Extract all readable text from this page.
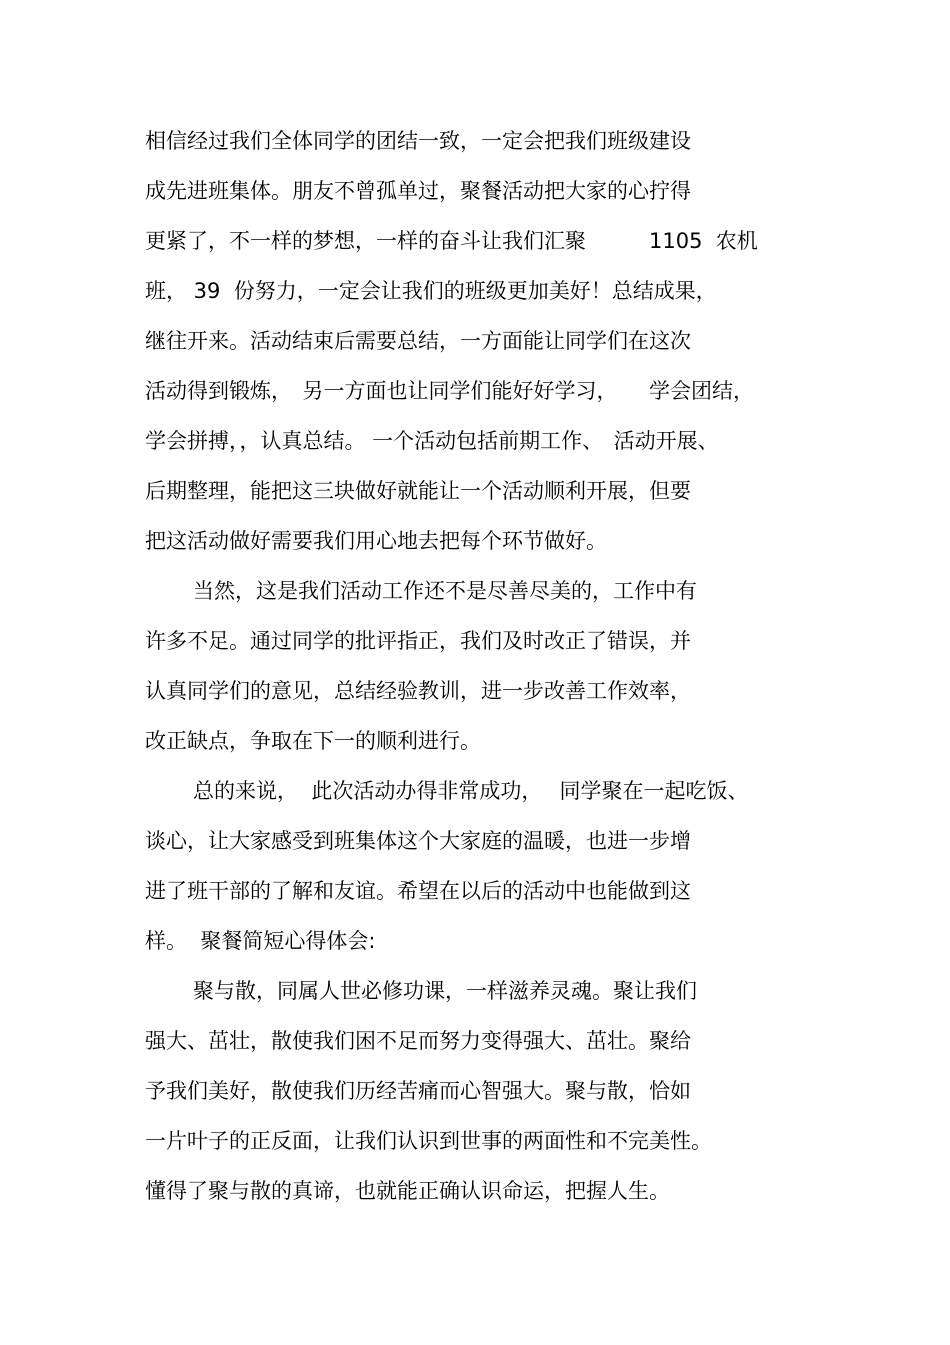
相信经过我们全体同学的团结一致，一定会把我们班级建设

成先进班集体。朋友不曾孤单过，聚餐活动把大家的心拧得

更紧了，不一样的梦想，一样的奋斗让我们汇聚　　　1105  农机

班， 39  份努力，一定会让我们的班级更加美好！总结成果，

继往开来。活动结束后需要总结，一方面能让同学们在这次

活动得到锻炼，　另一方面也让同学们能好好学习，　　学会团结，

学会拼搏，，认真总结。 一个活动包括前期工作、　活动开展、

后期整理，能把这三块做好就能让一个活动顺利开展，但要

把这活动做好需要我们用心地去把每个环节做好。

当然，这是我们活动工作还不是尽善尽美的，工作中有

许多不足。通过同学的批评指正，我们及时改正了错误，并

认真同学们的意见，总结经验教训，进一步改善工作效率，

改正缺点，争取在下一的顺利进行。

总的来说，  此次活动办得非常成功，　 同学聚在一起吃饭、

谈心，让大家感受到班集体这个大家庭的温暖，也进一步增

进了班干部的了解和友谊。希望在以后的活动中也能做到这

样。  聚餐简短心得体会:

聚与散，同属人世必修功课，一样滋养灵魂。聚让我们

强大、茁壮，散使我们困不足而努力变得强大、茁壮。聚给

予我们美好，散使我们历经苦痛而心智强大。聚与散，恰如

一片叶子的正反面，让我们认识到世事的两面性和不完美性。

懂得了聚与散的真谛，也就能正确认识命运，把握人生。
